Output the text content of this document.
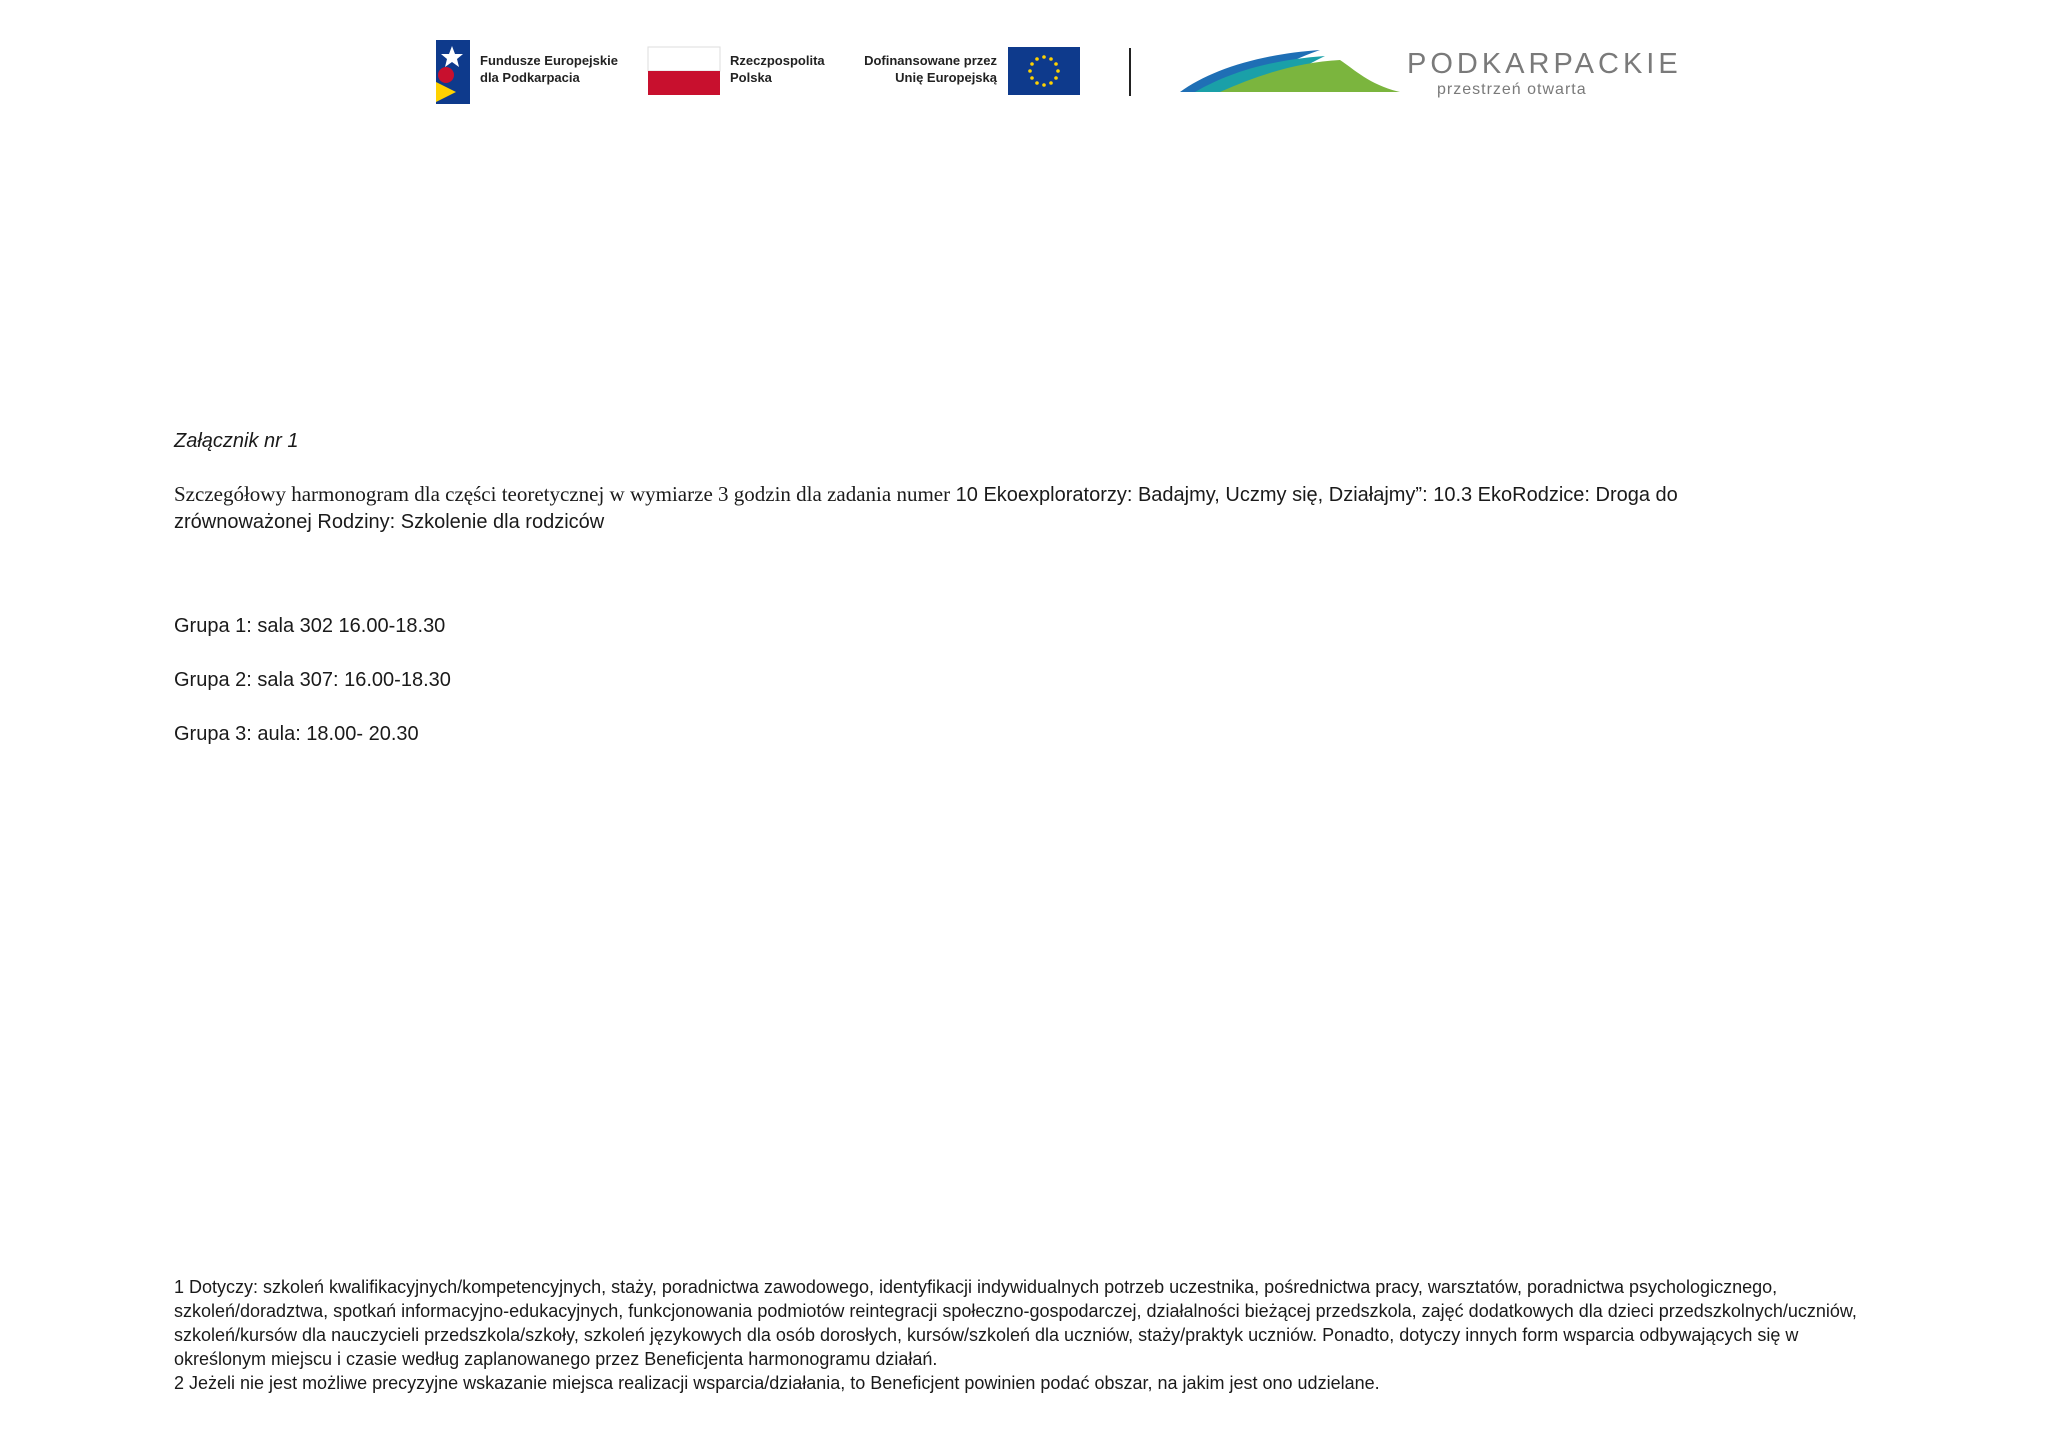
Fundusze Europejskie
dla Podkarpacia
Rzeczpospolita
Polska
Dofinansowane przez
Unię Europejską	PODKARPACKIE
przestrzeń otwarta
Załącznik nr 1
Szczegółowy harmonogram dla części teoretycznej w wymiarze 3 godzin dla zadania numer 10 Ekoexploratorzy: Badajmy, Uczmy się, Działajmy”: 10.3 EkoRodzice: Droga do zrównoważonej Rodziny: Szkolenie dla rodziców
Grupa 1: sala 302 16.00-18.30
Grupa 2: sala 307: 16.00-18.30
Grupa 3: aula: 18.00- 20.30

1 Dotyczy: szkoleń kwalifikacyjnych/kompetencyjnych, staży, poradnictwa zawodowego, identyfikacji indywidualnych potrzeb uczestnika, pośrednictwa pracy, warsztatów, poradnictwa psychologicznego, szkoleń/doradztwa, spotkań informacyjno-edukacyjnych, funkcjonowania podmiotów reintegracji społeczno-gospodarczej, działalności bieżącej przedszkola, zajęć dodatkowych dla dzieci przedszkolnych/uczniów, szkoleń/kursów dla nauczycieli przedszkola/szkoły, szkoleń językowych dla osób dorosłych, kursów/szkoleń dla uczniów, staży/praktyk uczniów. Ponadto, dotyczy innych form wsparcia odbywających się w określonym miejscu i czasie według zaplanowanego przez Beneficjenta harmonogramu działań.

2 Jeżeli nie jest możliwe precyzyjne wskazanie miejsca realizacji wsparcia/działania, to Beneficjent powinien podać obszar, na jakim jest ono udzielane.
